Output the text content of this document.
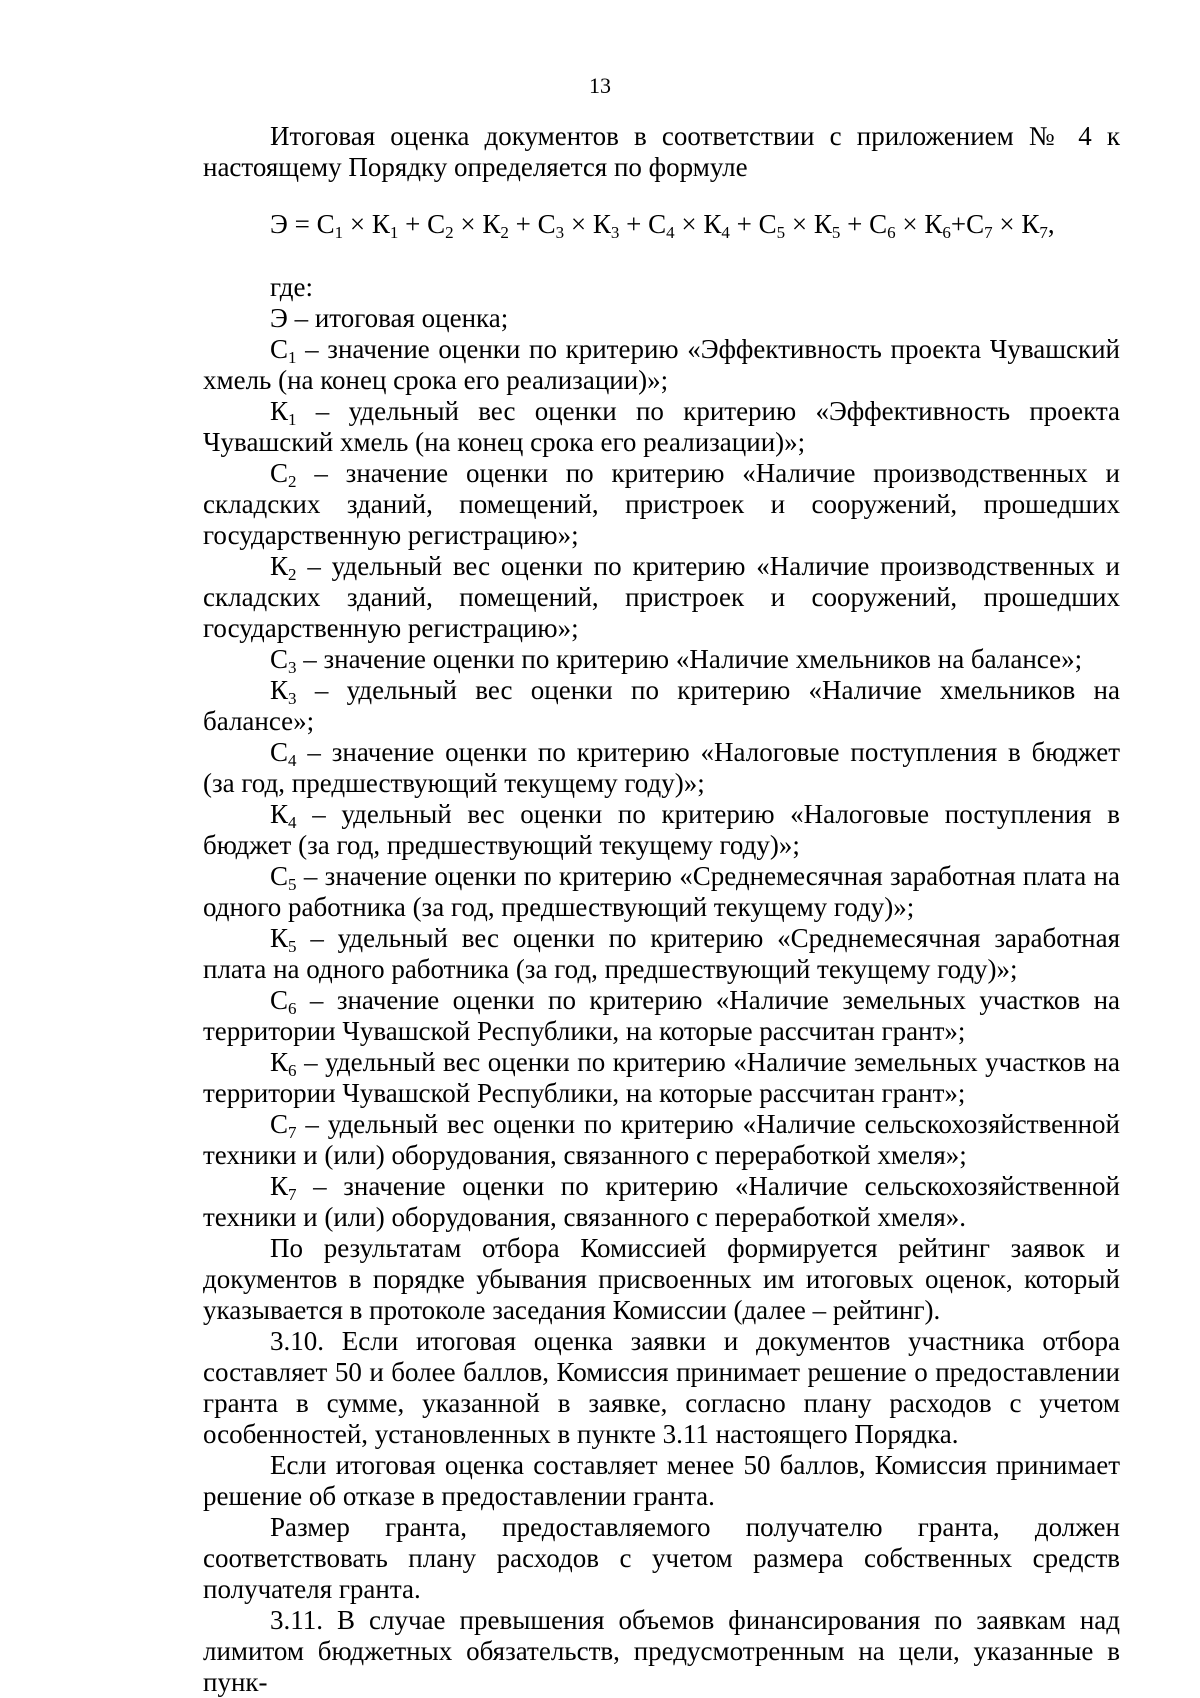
13

Итоговая оценка документов в соответствии с приложением № 4 к настоящему Порядку определяется по формуле

$Э = С_1 \times К_1 + С_2 \times К_2 + С_3 \times К_3 + С_4 \times К_4 + С_5 \times К_5 + С_6 \times К_6+С_7 \times К_7$,

где:

Э – итоговая оценка;

$С_1$ – значение оценки по критерию «Эффективность проекта Чувашский хмель (на конец срока его реализации)»;

$К_1$ – удельный вес оценки по критерию «Эффективность проекта Чувашский хмель (на конец срока его реализации)»;

$С_2$ – значение оценки по критерию «Наличие производственных и складских зданий, помещений, пристроек и сооружений, прошедших государственную регистрацию»;

$К_2$ – удельный вес оценки по критерию «Наличие производственных и складских зданий, помещений, пристроек и сооружений, прошедших государственную регистрацию»;

$С_3$ – значение оценки по критерию «Наличие хмельников на балансе»;

$К_3$ – удельный вес оценки по критерию «Наличие хмельников на балансе»;

$С_4$ – значение оценки по критерию «Налоговые поступления в бюджет (за год, предшествующий текущему году)»;

$К_4$ – удельный вес оценки по критерию «Налоговые поступления в бюджет (за год, предшествующий текущему году)»;

$С_5$ – значение оценки по критерию «Среднемесячная заработная плата на одного работника (за год, предшествующий текущему году)»;

$К_5$ – удельный вес оценки по критерию «Среднемесячная заработная плата на одного работника (за год, предшествующий текущему году)»;

$С_6$ – значение оценки по критерию «Наличие земельных участков на территории Чувашской Республики, на которые рассчитан грант»;

$К_6$ – удельный вес оценки по критерию «Наличие земельных участков на территории Чувашской Республики, на которые рассчитан грант»;

$С_7$ – удельный вес оценки по критерию «Наличие сельскохозяйственной техники и (или) оборудования, связанного с переработкой хмеля»;

$К_7$ – значение оценки по критерию «Наличие сельскохозяйственной техники и (или) оборудования, связанного с переработкой хмеля».

По результатам отбора Комиссией формируется рейтинг заявок и документов в порядке убывания присвоенных им итоговых оценок, который указывается в протоколе заседания Комиссии (далее – рейтинг).

3.10. Если итоговая оценка заявки и документов участника отбора составляет 50 и более баллов, Комиссия принимает решение о предоставлении гранта в сумме, указанной в заявке, согласно плану расходов с учетом особенностей, установленных в пункте 3.11 настоящего Порядка.

Если итоговая оценка составляет менее 50 баллов, Комиссия принимает решение об отказе в предоставлении гранта.

Размер гранта, предоставляемого получателю гранта, должен соответствовать плану расходов с учетом размера собственных средств получателя гранта.

3.11. В случае превышения объемов финансирования по заявкам над лимитом бюджетных обязательств, предусмотренным на цели, указанные в пунк-
